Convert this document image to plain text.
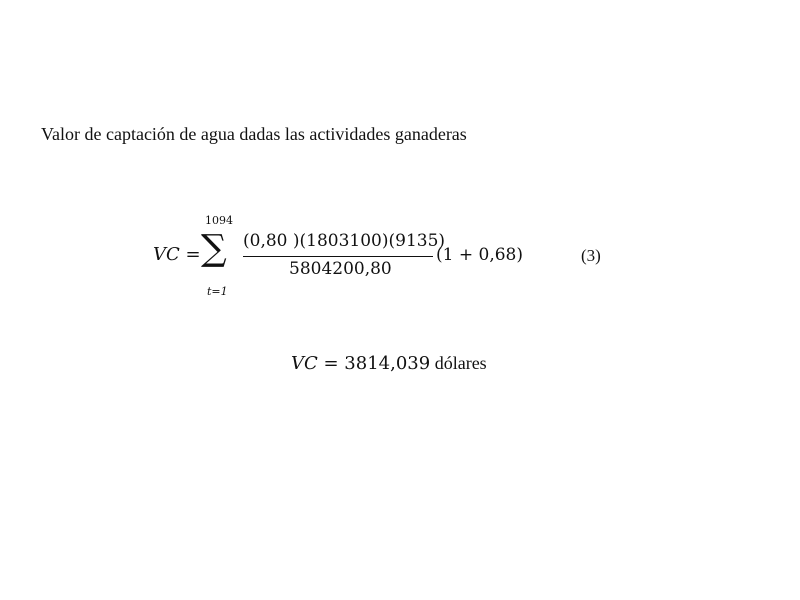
Valor de captación de agua dadas las actividades ganaderas
VC =
1094
∑
t=1
(0,80 )(1803100)(9135)
5804200,80
(1 + 0,68)	(3)
VC = 3814,039 dólares
